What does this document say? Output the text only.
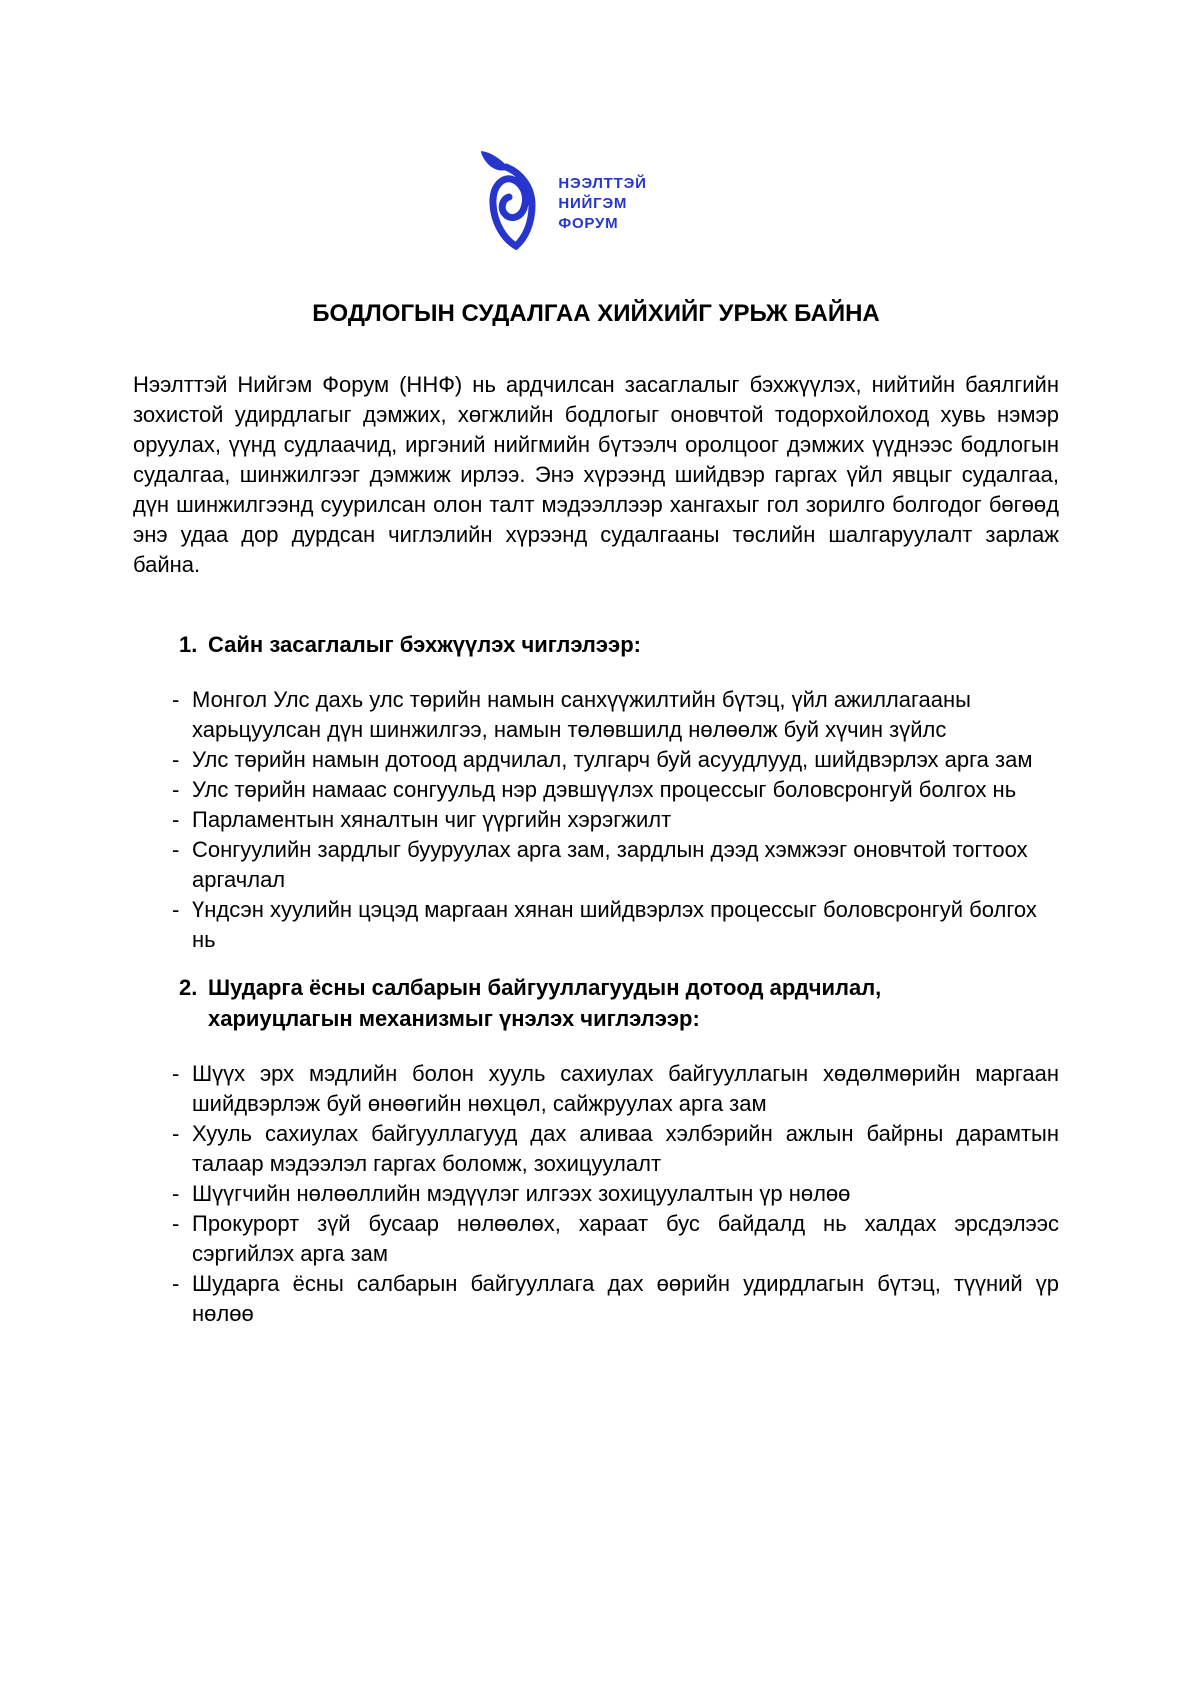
НЭЭЛТТЭЙ
НИЙГЭМ
ФОРУМ
БОДЛОГЫН СУДАЛГАА ХИЙХИЙГ УРЬЖ БАЙНА

Нээлттэй Нийгэм Форум (ННФ) нь ардчилсан засаглалыг бэхжүүлэх, нийтийн баялгийн зохистой удирдлагыг дэмжих, хөгжлийн бодлогыг оновчтой тодорхойлоход хувь нэмэр оруулах, үүнд судлаачид, иргэний нийгмийн бүтээлч оролцоог дэмжих үүднээс бодлогын судалгаа, шинжилгээг дэмжиж ирлээ. Энэ хүрээнд шийдвэр гаргах үйл явцыг судалгаа, дүн шинжилгээнд суурилсан олон талт мэдээллээр хангахыг гол зорилго болгодог бөгөөд энэ удаа дор дурдсан чиглэлийн хүрээнд судалгааны төслийн шалгаруулалт зарлаж байна.

1. Сайн засаглалыг бэхжүүлэх чиглэлээр:
- Монгол Улс дахь улс төрийн намын санхүүжилтийн бүтэц, үйл ажиллагааны харьцуулсан дүн шинжилгээ, намын төлөвшилд нөлөөлж буй хүчин зүйлс
- Улс төрийн намын дотоод ардчилал, тулгарч буй асуудлууд, шийдвэрлэх арга зам
- Улс төрийн намаас сонгуульд нэр дэвшүүлэх процессыг боловсронгуй болгох нь
- Парламентын хяналтын чиг үүргийн хэрэгжилт
- Сонгуулийн зардлыг бууруулах арга зам, зардлын дээд хэмжээг оновчтой тогтоох аргачлал
- Үндсэн хуулийн цэцэд маргаан хянан шийдвэрлэх процессыг боловсронгуй болгох нь
2. Шударга ёсны салбарын байгууллагуудын дотоод ардчилал, хариуцлагын механизмыг үнэлэх чиглэлээр:
- Шүүх эрх мэдлийн болон хууль сахиулах байгууллагын хөдөлмөрийн маргаан шийдвэрлэж буй өнөөгийн нөхцөл, сайжруулах арга зам
- Хууль сахиулах байгууллагууд дах аливаа хэлбэрийн ажлын байрны дарамтын талаар мэдээлэл гаргах боломж, зохицуулалт
- Шүүгчийн нөлөөллийн мэдүүлэг илгээх зохицуулалтын үр нөлөө
- Прокурорт зүй бусаар нөлөөлөх, хараат бус байдалд нь халдах эрсдэлээс сэргийлэх арга зам
- Шударга ёсны салбарын байгууллага дах өөрийн удирдлагын бүтэц, түүний үр нөлөө
